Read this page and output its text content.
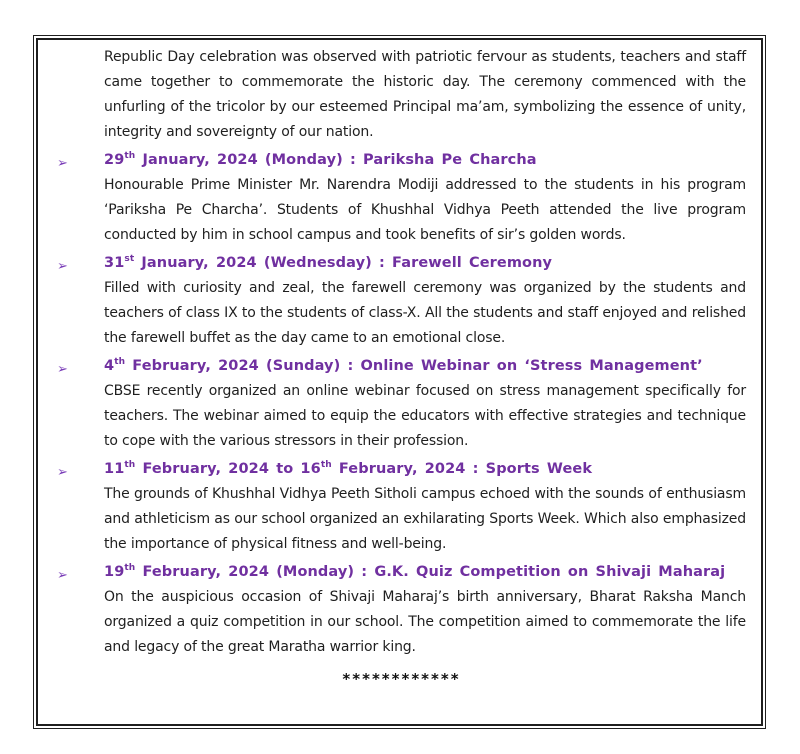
Republic Day celebration was observed with patriotic fervour as students, teachers and staff came together to commemorate the historic day. The ceremony commenced with the unfurling of the tricolor by our esteemed Principal ma’am, symbolizing the essence of unity, integrity and sovereignty of our nation.

➢	29th January, 2024 (Monday) : Pariksha Pe Charcha

Honourable Prime Minister Mr. Narendra Modiji addressed to the students in his program ‘Pariksha Pe Charcha’. Students of Khushhal Vidhya Peeth attended the live program conducted by him in school campus and took benefits of sir’s golden words.

➢	31st January, 2024 (Wednesday) : Farewell Ceremony

Filled with curiosity and zeal, the farewell ceremony was organized by the students and teachers of class IX to the students of class-X. All the students and staff enjoyed and relished the farewell buffet as the day came to an emotional close.

➢	4th February, 2024 (Sunday) : Online Webinar on ‘Stress Management’

CBSE recently organized an online webinar focused on stress management specifically for teachers. The webinar aimed to equip the educators with effective strategies and technique to cope with the various stressors in their profession.

➢	11th February, 2024 to 16th February, 2024 : Sports Week

The grounds of Khushhal Vidhya Peeth Sitholi campus echoed with the sounds of enthusiasm and athleticism as our school organized an exhilarating Sports Week. Which also emphasized the importance of physical fitness and well-being.

➢	19th February, 2024 (Monday) : G.K. Quiz Competition on Shivaji Maharaj

On the auspicious occasion of Shivaji Maharaj’s birth anniversary, Bharat Raksha Manch organized a quiz competition in our school. The competition aimed to commemorate the life and legacy of the great Maratha warrior king.

************
